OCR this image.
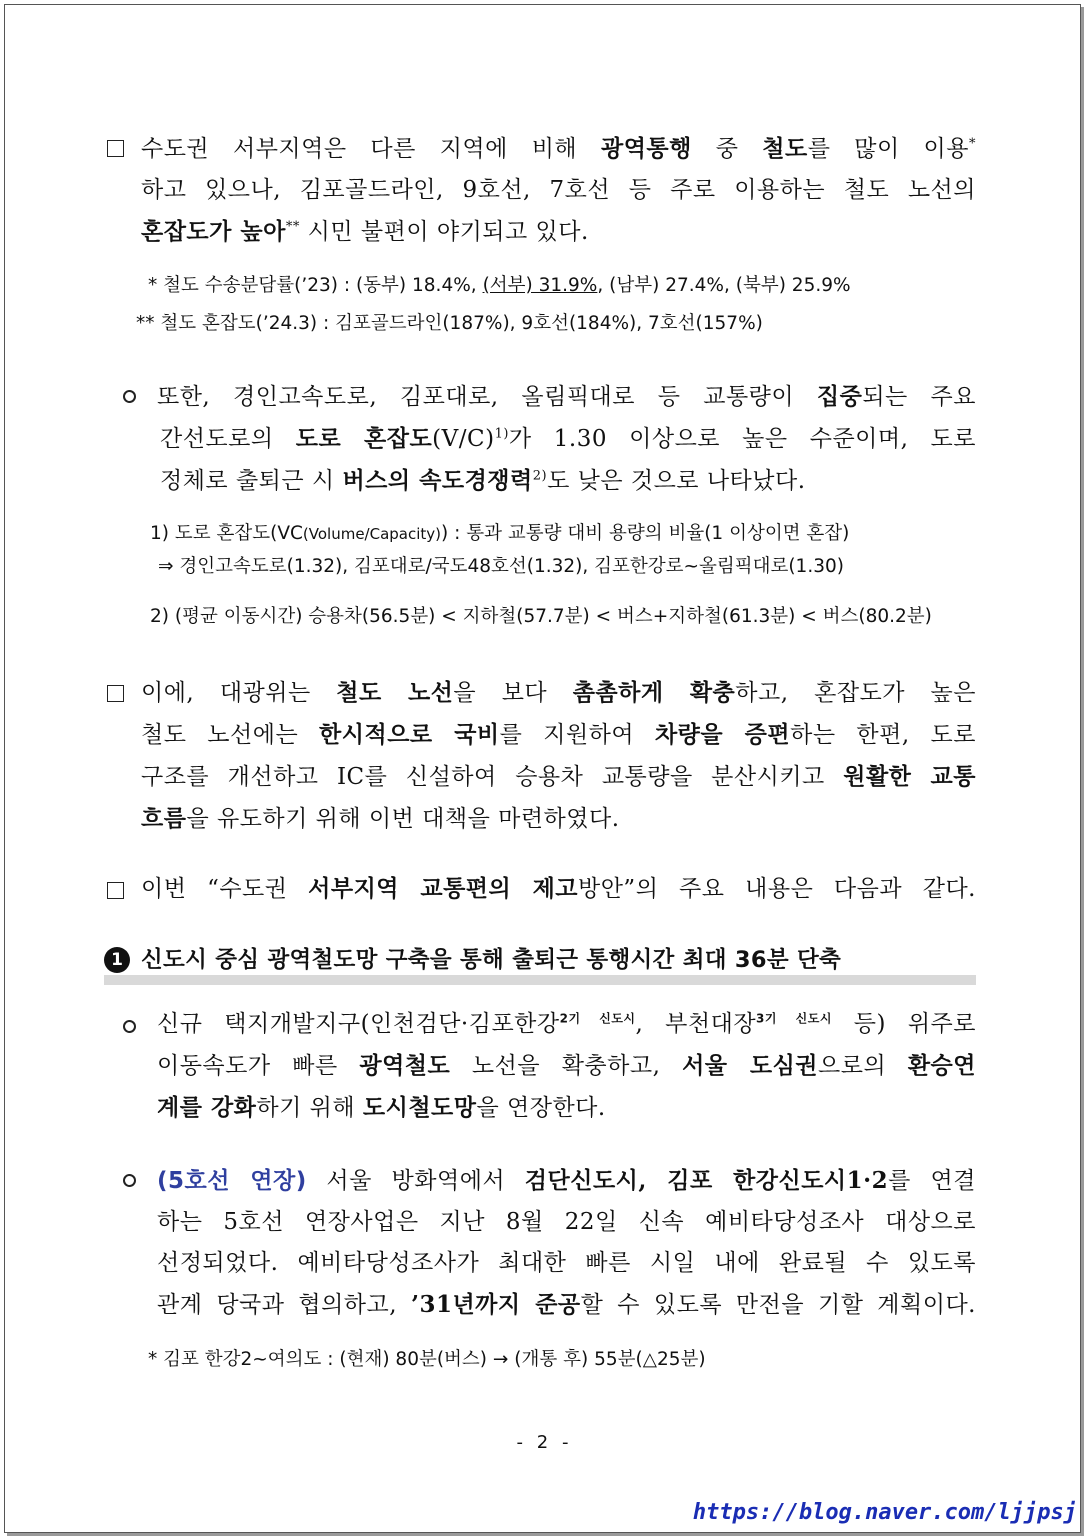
수도권 서부지역은 다른 지역에 비해 광역통행 중 철도를 많이 이용*
하고 있으나, 김포골드라인, 9호선, 7호선 등 주로 이용하는 철도 노선의
혼잡도가 높아** 시민 불편이 야기되고 있다.
* 철도 수송분담률(’23) : (동부) 18.4%, (서부) 31.9%, (남부) 27.4%, (북부) 25.9%
** 철도 혼잡도(’24.3) : 김포골드라인(187%), 9호선(184%), 7호선(157%)
또한, 경인고속도로, 김포대로, 올림픽대로 등 교통량이 집중되는 주요
간선도로의 도로 혼잡도$(V/C)^{1)}$가 1.30 이상으로 높은 수준이며, 도로
정체로 출퇴근 시 버스의 속도경쟁력$^{2)}$도 낮은 것으로 나타났다.
1) 도로 혼잡도(VC(Volume/Capacity)) : 통과 교통량 대비 용량의 비율(1 이상이면 혼잡)
⇒ 경인고속도로(1.32), 김포대로/국도48호선(1.32), 김포한강로~올림픽대로(1.30)
2) (평균 이동시간) 승용차(56.5분) < 지하철(57.7분) < 버스+지하철(61.3분) < 버스(80.2분)
이에, 대광위는 철도 노선을 보다 촘촘하게 확충하고, 혼잡도가 높은
철도 노선에는 한시적으로 국비를 지원하여 차량을 증편하는 한편, 도로
구조를 개선하고 IC를 신설하여 승용차 교통량을 분산시키고 원활한 교통
흐름을 유도하기 위해 이번 대책을 마련하였다.
이번 “수도권 서부지역 교통편의 제고방안”의 주요 내용은 다음과 같다.
1 신도시 중심 광역철도망 구축을 통해 출퇴근 통행시간 최대 36분 단축
신규 택지개발지구(인천검단·김포한강$^{2기 신도시}$, 부천대장$^{3기 신도시}$ 등) 위주로
이동속도가 빠른 광역철도 노선을 확충하고, 서울 도심권으로의 환승연
계를 강화하기 위해 도시철도망을 연장한다.
(5호선 연장) 서울 방화역에서 검단신도시, 김포 한강신도시1·2를 연결
하는 5호선 연장사업은 지난 8월 22일 신속 예비타당성조사 대상으로
선정되었다. 예비타당성조사가 최대한 빠른 시일 내에 완료될 수 있도록
관계 당국과 협의하고, ’31년까지 준공할 수 있도록 만전을 기할 계획이다.
* 김포 한강2~여의도 : (현재) 80분(버스) → (개통 후) 55분(△25분)
- 2 -
https://blog.naver.com/ljjpsj
